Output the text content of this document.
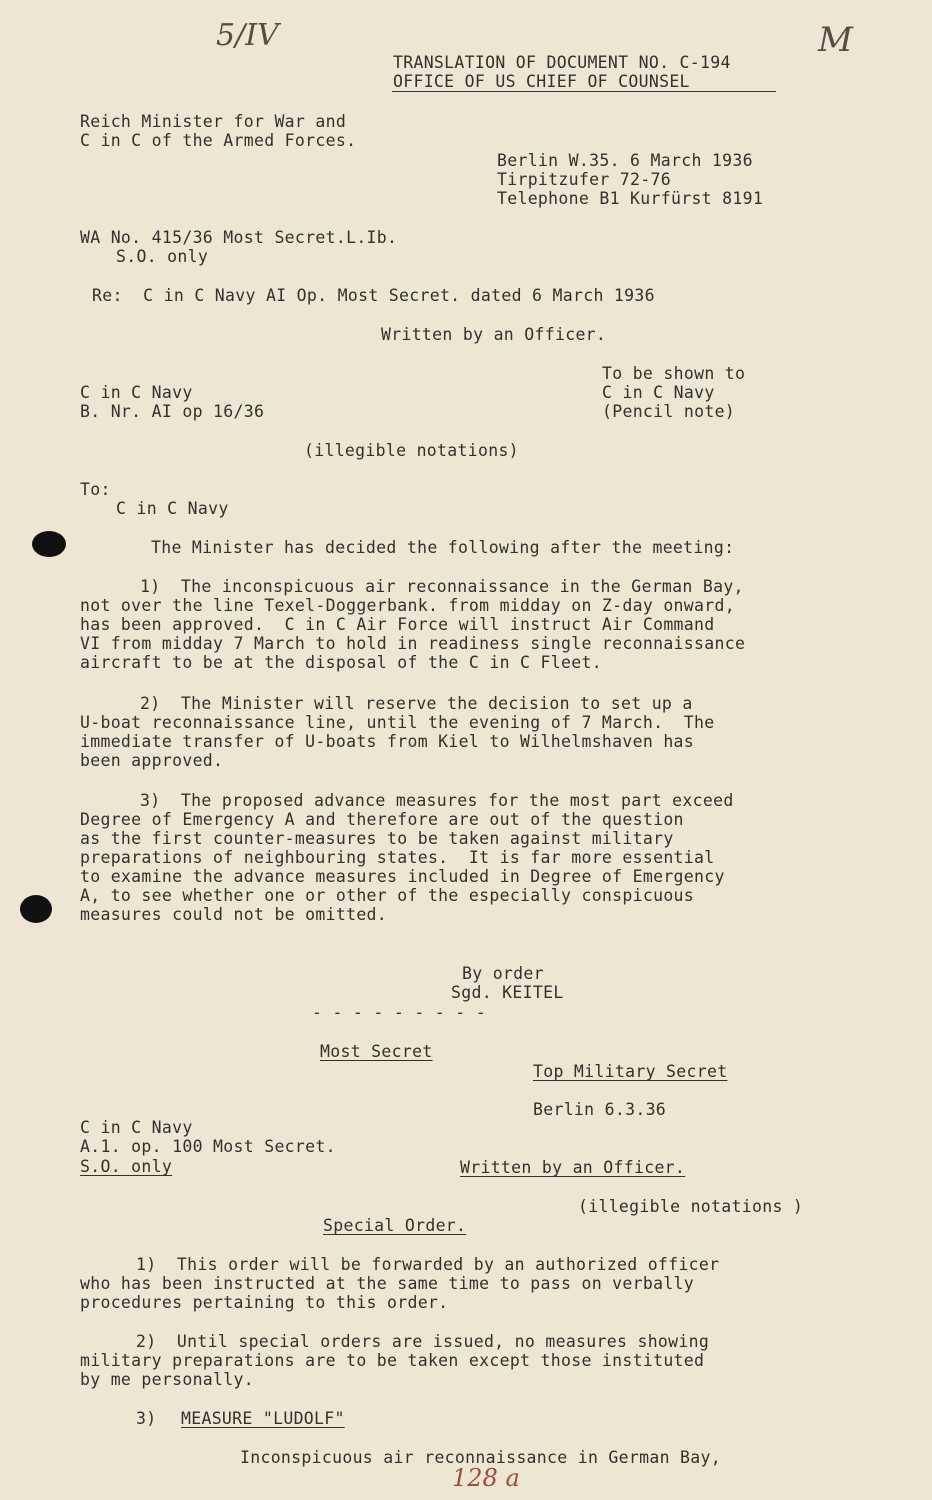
5/IV	M
128 a
TRANSLATION OF DOCUMENT NO. C-194
OFFICE OF US CHIEF OF COUNSEL
Reich Minister for War and
C in C of the Armed Forces.
Berlin W.35. 6 March 1936
Tirpitzufer 72-76
Telephone B1 Kurfürst 8191
WA No. 415/36 Most Secret.L.Ib.
S.O. only
Re:  C in C Navy AI Op. Most Secret. dated 6 March 1936
Written by an Officer.
To be shown to
C in C Navy	C in C Navy
B. Nr. AI op 16/36	(Pencil note)
(illegible notations)
To:
C in C Navy
The Minister has decided the following after the meeting:
1)  The inconspicuous air reconnaissance in the German Bay,
not over the line Texel-Doggerbank. from midday on Z-day onward,
has been approved.  C in C Air Force will instruct Air Command
VI from midday 7 March to hold in readiness single reconnaissance
aircraft to be at the disposal of the C in C Fleet.
2)  The Minister will reserve the decision to set up a
U-boat reconnaissance line, until the evening of 7 March.  The
immediate transfer of U-boats from Kiel to Wilhelmshaven has
been approved.
3)  The proposed advance measures for the most part exceed
Degree of Emergency A and therefore are out of the question
as the first counter-measures to be taken against military
preparations of neighbouring states.  It is far more essential
to examine the advance measures included in Degree of Emergency
A, to see whether one or other of the especially conspicuous
measures could not be omitted.
By order
Sgd. KEITEL
- - - - - - - - -
Most Secret
Top Military Secret
Berlin 6.3.36
C in C Navy
A.1. op. 100 Most Secret.
S.O. only	Written by an Officer.
(illegible notations )
Special Order.
1)  This order will be forwarded by an authorized officer
who has been instructed at the same time to pass on verbally
procedures pertaining to this order.
2)  Until special orders are issued, no measures showing
military preparations are to be taken except those instituted
by me personally.
3) MEASURE "LUDOLF"
Inconspicuous air reconnaissance in German Bay,
